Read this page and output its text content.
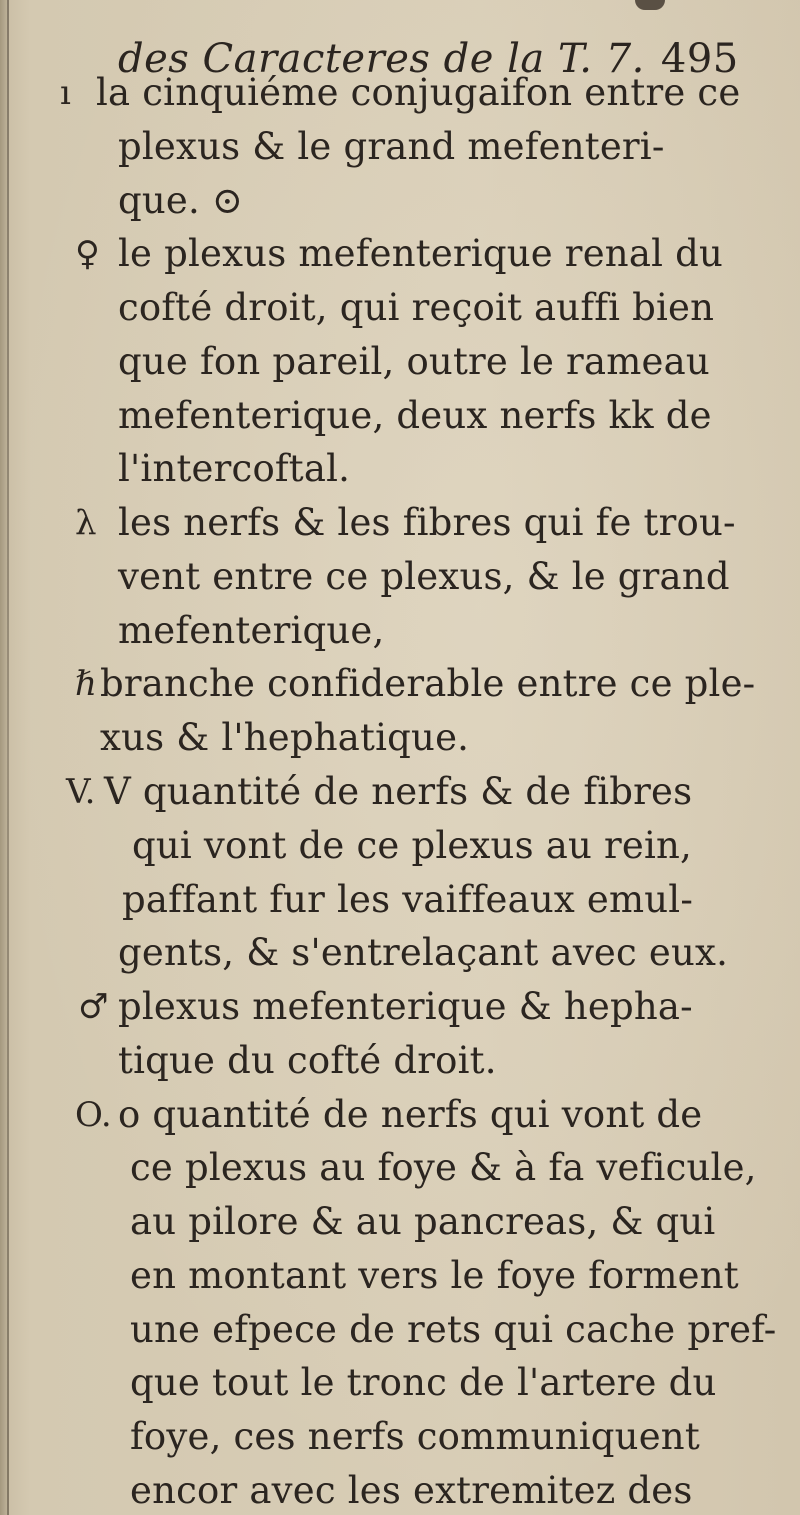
des Caracteres de la T. 7. 495
ı la cinquiéme conjugaifon entre ce
plexus & le grand mefenteri-
que. ⊙
♀ le plexus mefenterique renal du
cofté droit, qui reçoit auffi bien
que fon pareil, outre le rameau
mefenterique, deux nerfs kk de
l'intercoftal.
λ les nerfs & les fibres qui fe trou-
vent entre ce plexus, & le grand
mefenterique,
ℏ branche confiderable entre ce ple-
xus & l'hephatique.
V. V quantité de nerfs & de fibres
qui vont de ce plexus au rein,
paffant fur les vaiffeaux emul-
gents, & s'entrelaçant avec eux.
♂ plexus mefenterique & hepha-
tique du cofté droit.
O. o quantité de nerfs qui vont de
ce plexus au foye & à fa veficule,
au pilore & au pancreas, & qui
en montant vers le foye forment
une efpece de rets qui cache pref-
que tout le tronc de l'artere du
foye, ces nerfs communiquent
encor avec les extremitez des
